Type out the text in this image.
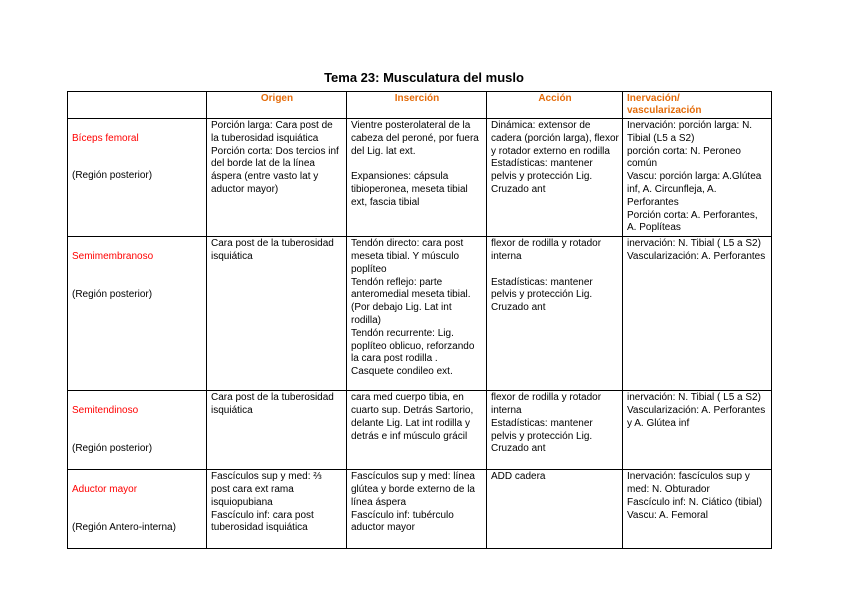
Tema 23: Musculatura del muslo
	Origen	Inserción	Acción	Inervación/
vascularización

Bíceps femoral

(Región posterior)	Porción larga: Cara post de la tuberosidad isquiática
Porción corta: Dos tercios inf del borde lat de la línea áspera (entre vasto lat y aductor mayor)	Vientre posterolateral de la cabeza del peroné, por fuera del Lig. lat ext.

Expansiones: cápsula tibioperonea, meseta tibial ext, fascia tibial	Dinámica: extensor de cadera (porción larga), flexor y rotador externo en rodilla
Estadísticas: mantener pelvis y protección Lig. Cruzado ant	Inervación: porción larga: N. Tibial (L5 a S2)
porción corta: N. Peroneo común
Vascu: porción larga: A.Glútea inf, A. Circunfleja, A. Perforantes
Porción corta: A. Perforantes, A. Poplíteas

Semimembranoso

(Región posterior)	Cara post de la tuberosidad isquiática	Tendón directo: cara post meseta tibial. Y músculo poplíteo
Tendón reflejo: parte anteromedial meseta tibial. (Por debajo Lig. Lat int rodilla)
Tendón recurrente: Lig. poplíteo oblicuo, reforzando la cara post rodilla . Casquete condileo ext.	flexor de rodilla y rotador interna

Estadísticas: mantener pelvis y protección Lig. Cruzado ant	inervación: N. Tibial ( L5 a S2)
Vascularización: A. Perforantes

Semitendinoso

(Región posterior)	Cara post de la tuberosidad isquiática	cara med cuerpo tibia, en cuarto sup. Detrás Sartorio, delante Lig. Lat int rodilla y detrás e inf músculo grácil	flexor de rodilla y rotador interna
Estadísticas: mantener pelvis y protección Lig. Cruzado ant	inervación: N. Tibial ( L5 a S2)
Vascularización: A. Perforantes y A. Glútea inf

Aductor mayor

(Región Antero-interna)	Fascículos sup y med: ⅔ post cara ext rama isquiopubiana
Fascículo inf: cara post tuberosidad isquiática	Fascículos sup y med: línea glútea y borde externo de la línea áspera
Fascículo inf: tubérculo aductor mayor	ADD cadera	Inervación: fascículos sup y med: N. Obturador
Fascículo inf: N. Ciático (tibial)
Vascu: A. Femoral
